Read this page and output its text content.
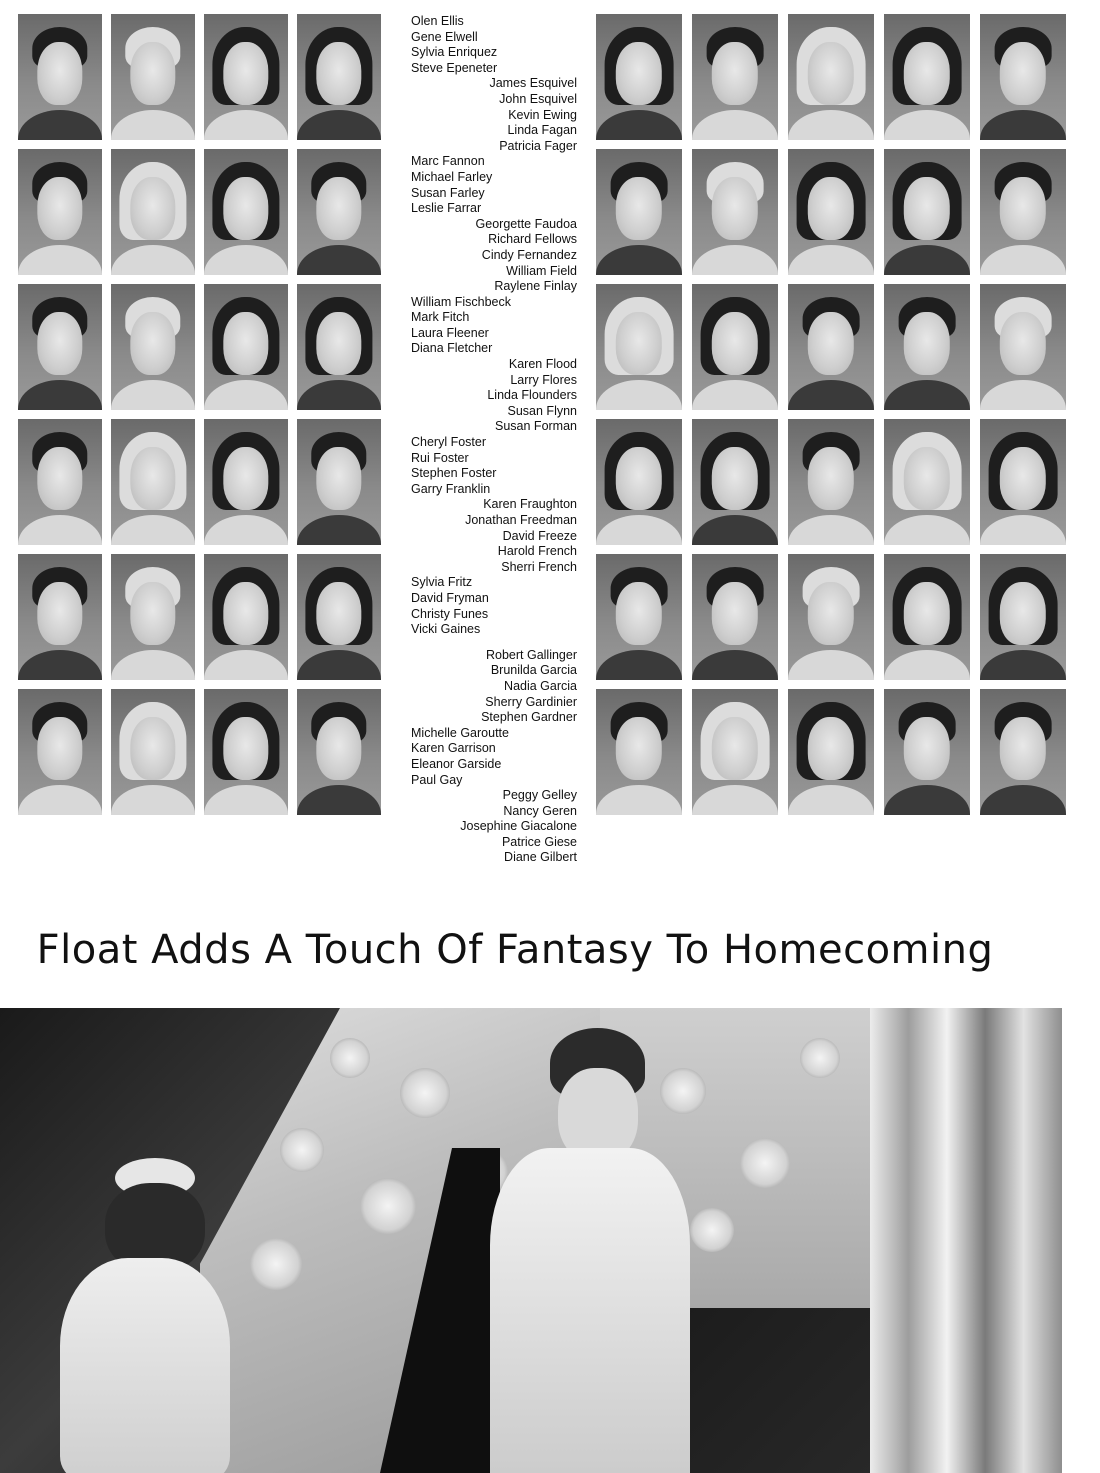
Olen Ellis
Gene Elwell
Sylvia Enriquez
Steve Epeneter
James Esquivel
John Esquivel
Kevin Ewing
Linda Fagan
Patricia Fager
Marc Fannon
Michael Farley
Susan Farley
Leslie Farrar
Georgette Faudoa
Richard Fellows
Cindy Fernandez
William Field
Raylene Finlay
William Fischbeck
Mark Fitch
Laura Fleener
Diana Fletcher
Karen Flood
Larry Flores
Linda Flounders
Susan Flynn
Susan Forman
Cheryl Foster
Rui Foster
Stephen Foster
Garry Franklin
Karen Fraughton
Jonathan Freedman
David Freeze
Harold French
Sherri French
Sylvia Fritz
David Fryman
Christy Funes
Vicki Gaines
Robert Gallinger
Brunilda Garcia
Nadia Garcia
Sherry Gardinier
Stephen Gardner
Michelle Garoutte
Karen Garrison
Eleanor Garside
Paul Gay
Peggy Gelley
Nancy Geren
Josephine Giacalone
Patrice Giese
Diane Gilbert
Float Adds A Touch Of Fantasy To Homecoming
